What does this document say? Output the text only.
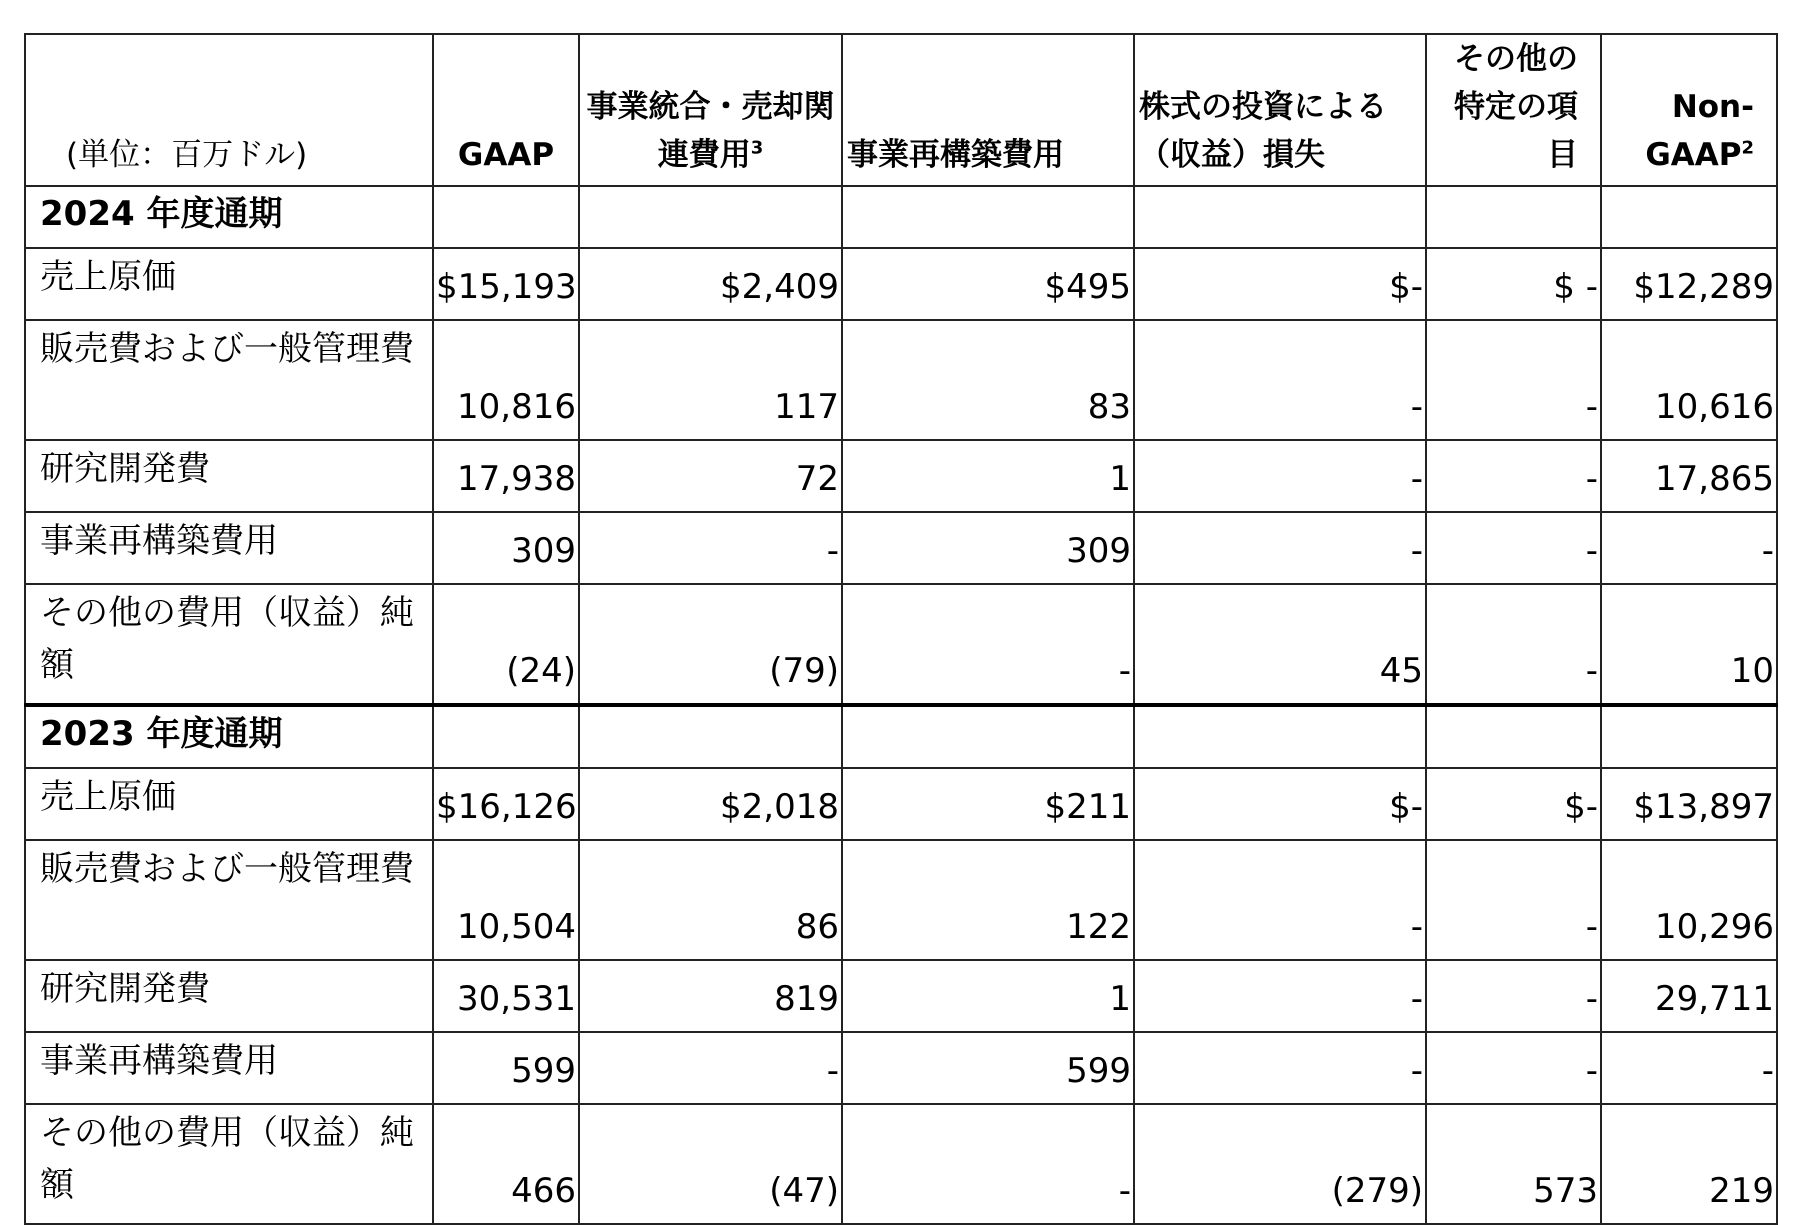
(単位：百万ドル)	GAAP	事業統合・売却関連費用$^3$	事業再構築費用	株式の投資による（収益）損失	その他の特定の項目	Non-GAAP$^2$
2024 年度通期						
売上原価	$15,193	$2,409	$495	$-	$ -	$12,289
販売費および一般管理費	10,816	117	83	-	-	10,616
研究開発費	17,938	72	1	-	-	17,865
事業再構築費用	309	-	309	-	-	-
その他の費用（収益）純額	(24)	(79)	-	45	-	10
2023 年度通期						
売上原価	$16,126	$2,018	$211	$-	$-	$13,897
販売費および一般管理費	10,504	86	122	-	-	10,296
研究開発費	30,531	819	1	-	-	29,711
事業再構築費用	599	-	599	-	-	-
その他の費用（収益）純額	466	(47)	-	(279)	573	219
